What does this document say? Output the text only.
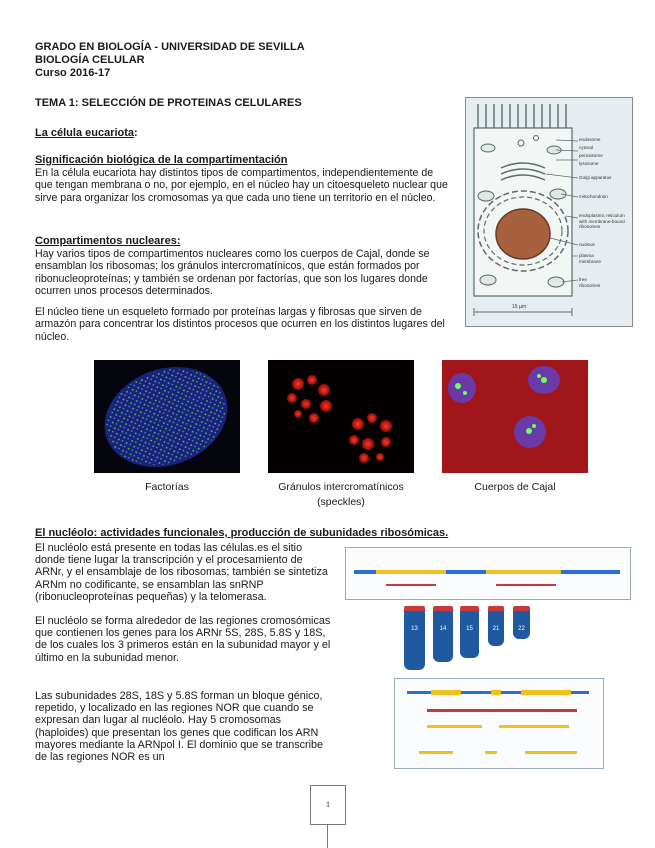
GRADO EN BIOLOGÍA - UNIVERSIDAD DE SEVILLA
BIOLOGÍA CELULAR
Curso 2016-17
TEMA 1: SELECCIÓN DE PROTEINAS CELULARES
La célula eucariota:
Significación biológica de la compartimentación
En la célula eucariota hay distintos tipos de compartimentos, independientemente de que tengan membrana o no, por ejemplo, en el núcleo hay un citoesqueleto nuclear que sirve para organizar los cromosomas ya que cada uno tiene un territorio en el núcleo.
Compartimentos nucleares:
Hay varios tipos de compartimentos nucleares como los cuerpos de Cajal, donde se ensamblan los ribosomas; los gránulos intercromatínicos, que están formados por ribonucleoproteínas; y también se ordenan por factorías, que son los lugares donde ocurren unos procesos determinados.
El núcleo tiene un esqueleto formado por proteínas largas y fibrosas que sirven de armazón para concentrar los distintos procesos que ocurren en los distintos lugares del núcleo.
endosome
cytosol
peroxisome
lysosome
Golgi apparatus
mitochondrion
endoplasmic reticulum with membrane-bound ribosomes
nucleus
plasma membrane
free ribosomes
15 µm
Factorías	Gránulos intercromatínicos
(speckles)
Cuerpos de Cajal
El nucléolo: actividades funcionales, producción de subunidades ribosómicas.
El nucléolo está presente en todas las células.es el sitio donde tiene lugar la transcripción y el procesamiento de ARNr, y el ensamblaje de los ribosomas; también se sintetiza ARNm no codificante, se ensamblan las snRNP (ribonucleoproteínas pequeñas) y la telomerasa.
El nucléolo se forma alrededor de las regiones cromosómicas que contienen los genes para los ARNr 5S, 28S, 5.8S y 18S, de los cuales los 3 primeros están en la subunidad mayor y el último en la subunidad menor.
Las subunidades 28S, 18S y 5.8S forman un bloque génico, repetido, y localizado en las regiones NOR que cuando se expresan dan lugar al nucléolo. Hay 5 cromosomas (haploides) que presentan los genes que codifican los ARN mayores mediante la ARNpol I. El dominio que se transcribe de las regiones NOR es un
13	14	15	21	22
1
